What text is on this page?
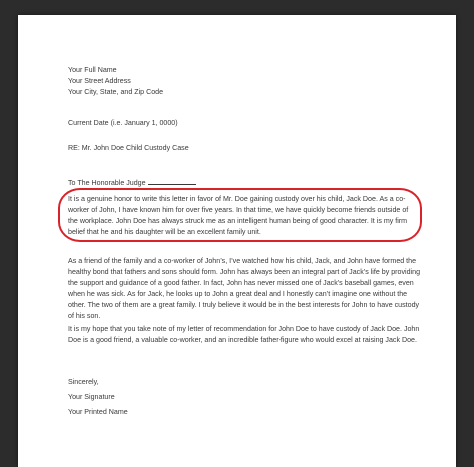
Your Full Name

Your Street Address

Your City, State, and Zip Code

Current Date (i.e. January 1, 0000)

RE: Mr. John Doe Child Custody Case

To The Honorable Judge

It is a genuine honor to write this letter in favor of Mr. Doe gaining custody over his child, Jack Doe. As a co-worker of John, I have known him for over five years. In that time, we have quickly become friends outside of the workplace. John Doe has always struck me as an intelligent human being of good character. It is my firm belief that he and his daughter will be an excellent family unit.

As a friend of the family and a co-worker of John’s, I’ve watched how his child, Jack, and John have formed the healthy bond that fathers and sons should form. John has always been an integral part of Jack’s life by providing the support and guidance of a good father. In fact, John has never missed one of Jack’s baseball games, even when he was sick. As for Jack, he looks up to John a great deal and I honestly can’t imagine one without the other. The two of them are a great family. I truly believe it would be in the best interests for John to have custody of his son.

It is my hope that you take note of my letter of recommendation for John Doe to have custody of Jack Doe. John Doe is a good friend, a valuable co-worker, and an incredible father-figure who would excel at raising Jack Doe.

Sincerely,

Your Signature

Your Printed Name
